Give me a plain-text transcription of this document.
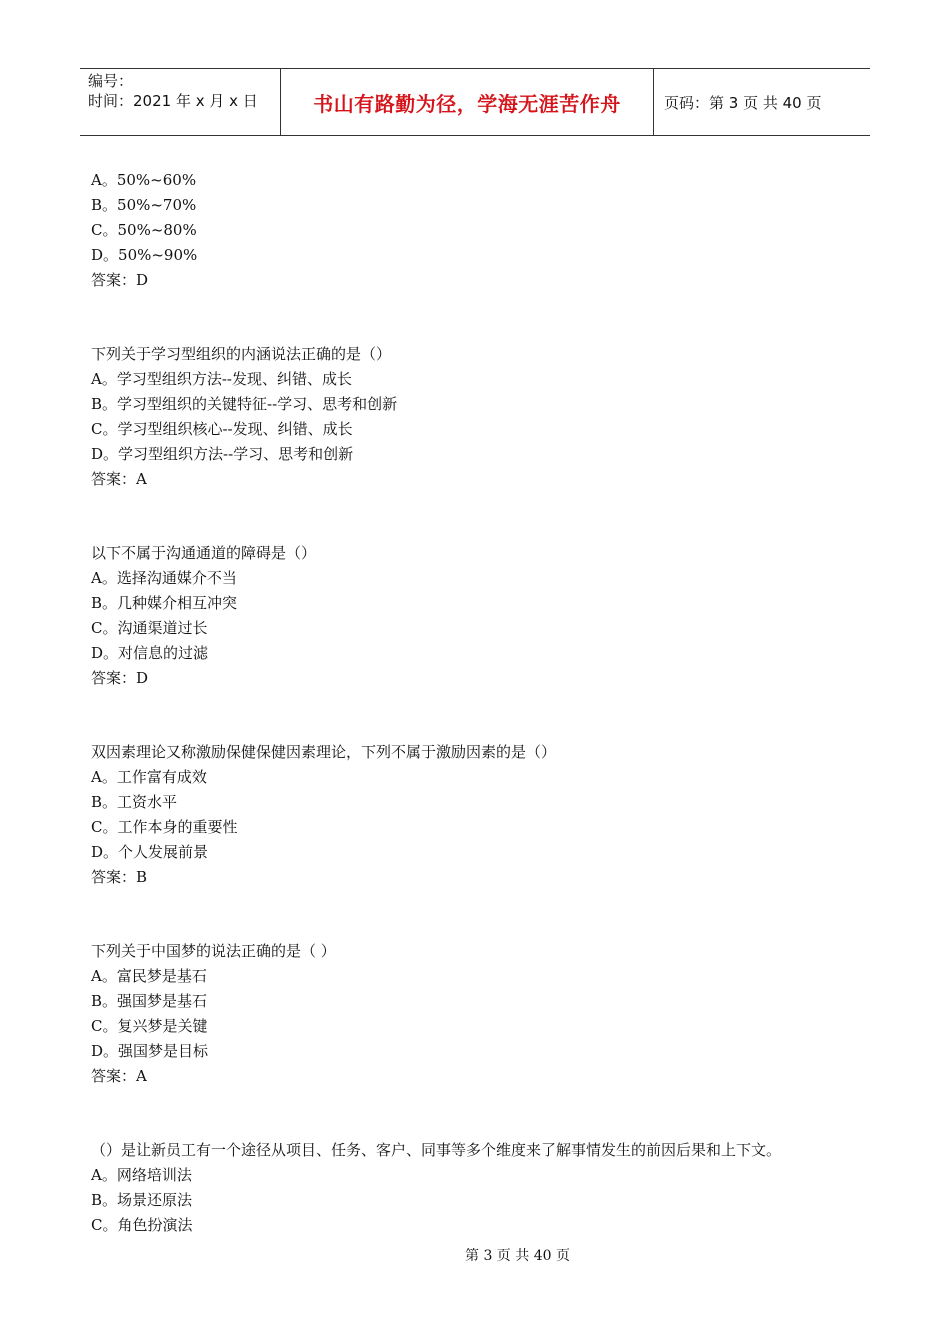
编号：
时间：2021 年 x 月 x 日	书山有路勤为径，学海无涯苦作舟	页码：第 3 页 共 40 页
A。50%~60%
B。50%~70%
C。50%~80%
D。50%~90%
答案：D
下列关于学习型组织的内涵说法正确的是（）
A。学习型组织方法--发现、纠错、成长
B。学习型组织的关键特征--学习、思考和创新
C。学习型组织核心--发现、纠错、成长
D。学习型组织方法--学习、思考和创新
答案：A
以下不属于沟通通道的障碍是（）
A。选择沟通媒介不当
B。几种媒介相互冲突
C。沟通渠道过长
D。对信息的过滤
答案：D
双因素理论又称激励保健保健因素理论，下列不属于激励因素的是（）
A。工作富有成效
B。工资水平
C。工作本身的重要性
D。个人发展前景
答案：B
下列关于中国梦的说法正确的是（ ）
A。富民梦是基石
B。强国梦是基石
C。复兴梦是关键
D。强国梦是目标
答案：A
（）是让新员工有一个途径从项目、任务、客户、同事等多个维度来了解事情发生的前因后果和上下文。
A。网络培训法
B。场景还原法
C。角色扮演法
第 3 页 共 40 页
